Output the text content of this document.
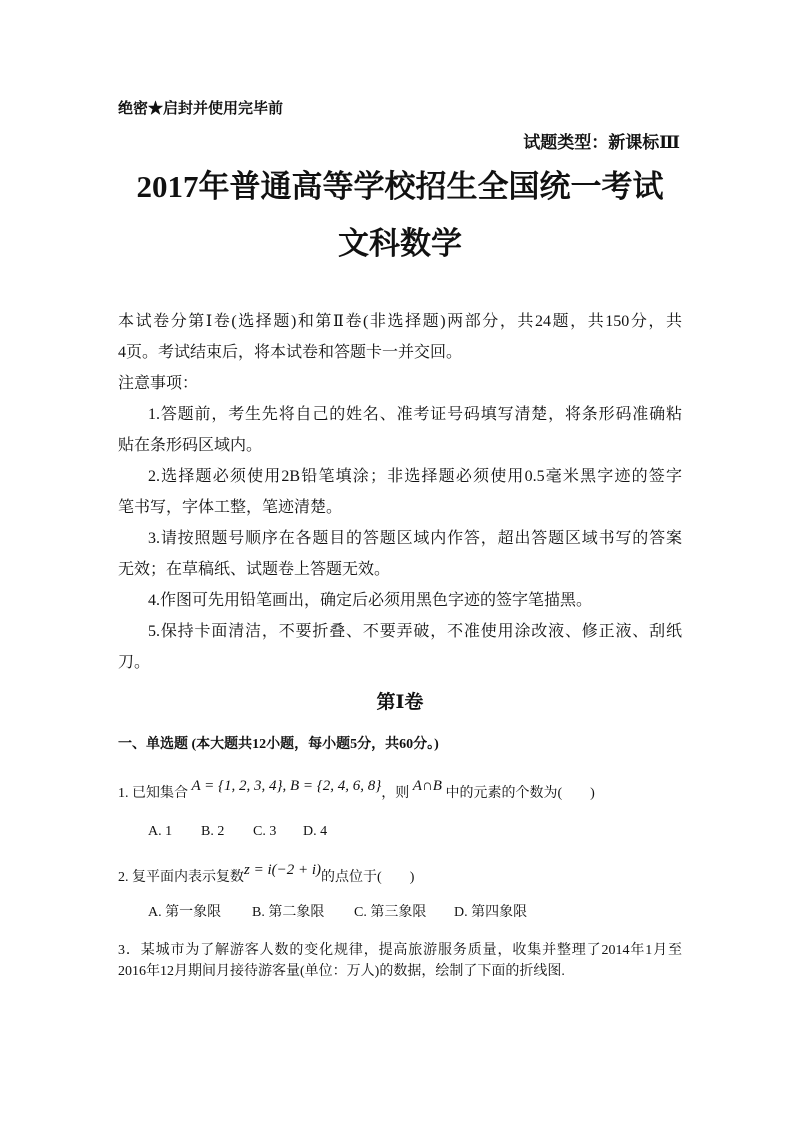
绝密★启封并使用完毕前
试题类型：新课标Ⅲ
2017年普通高等学校招生全国统一考试
文科数学
本试卷分第Ⅰ卷(选择题)和第Ⅱ卷(非选择题)两部分，共24题，共150分，共
4页。考试结束后，将本试卷和答题卡一并交回。
注意事项：
1.答题前，考生先将自己的姓名、准考证号码填写清楚，将条形码准确粘
贴在条形码区域内。
2.选择题必须使用2B铅笔填涂；非选择题必须使用0.5毫米黑字迹的签字
笔书写，字体工整，笔迹清楚。
3.请按照题号顺序在各题目的答题区域内作答，超出答题区域书写的答案
无效；在草稿纸、试题卷上答题无效。
4.作图可先用铅笔画出，确定后必须用黑色字迹的签字笔描黑。
5.保持卡面清洁，不要折叠、不要弄破，不准使用涂改液、修正液、刮纸
刀。
第Ⅰ卷
一、单选题 (本大题共12小题，每小题5分，共60分。)
1. 已知集合 A = {1, 2, 3, 4}, B = {2, 4, 6, 8}，则 A∩B 中的元素的个数为(　　)
A. 1 B. 2 C. 3 D. 4
2. 复平面内表示复数z = i(−2 + i)的点位于(　　)
A. 第一象限 B. 第二象限 C. 第三象限 D. 第四象限
3．某城市为了解游客人数的变化规律，提高旅游服务质量，收集并整理了2014年1月至
2016年12月期间月接待游客量(单位：万人)的数据，绘制了下面的折线图.
